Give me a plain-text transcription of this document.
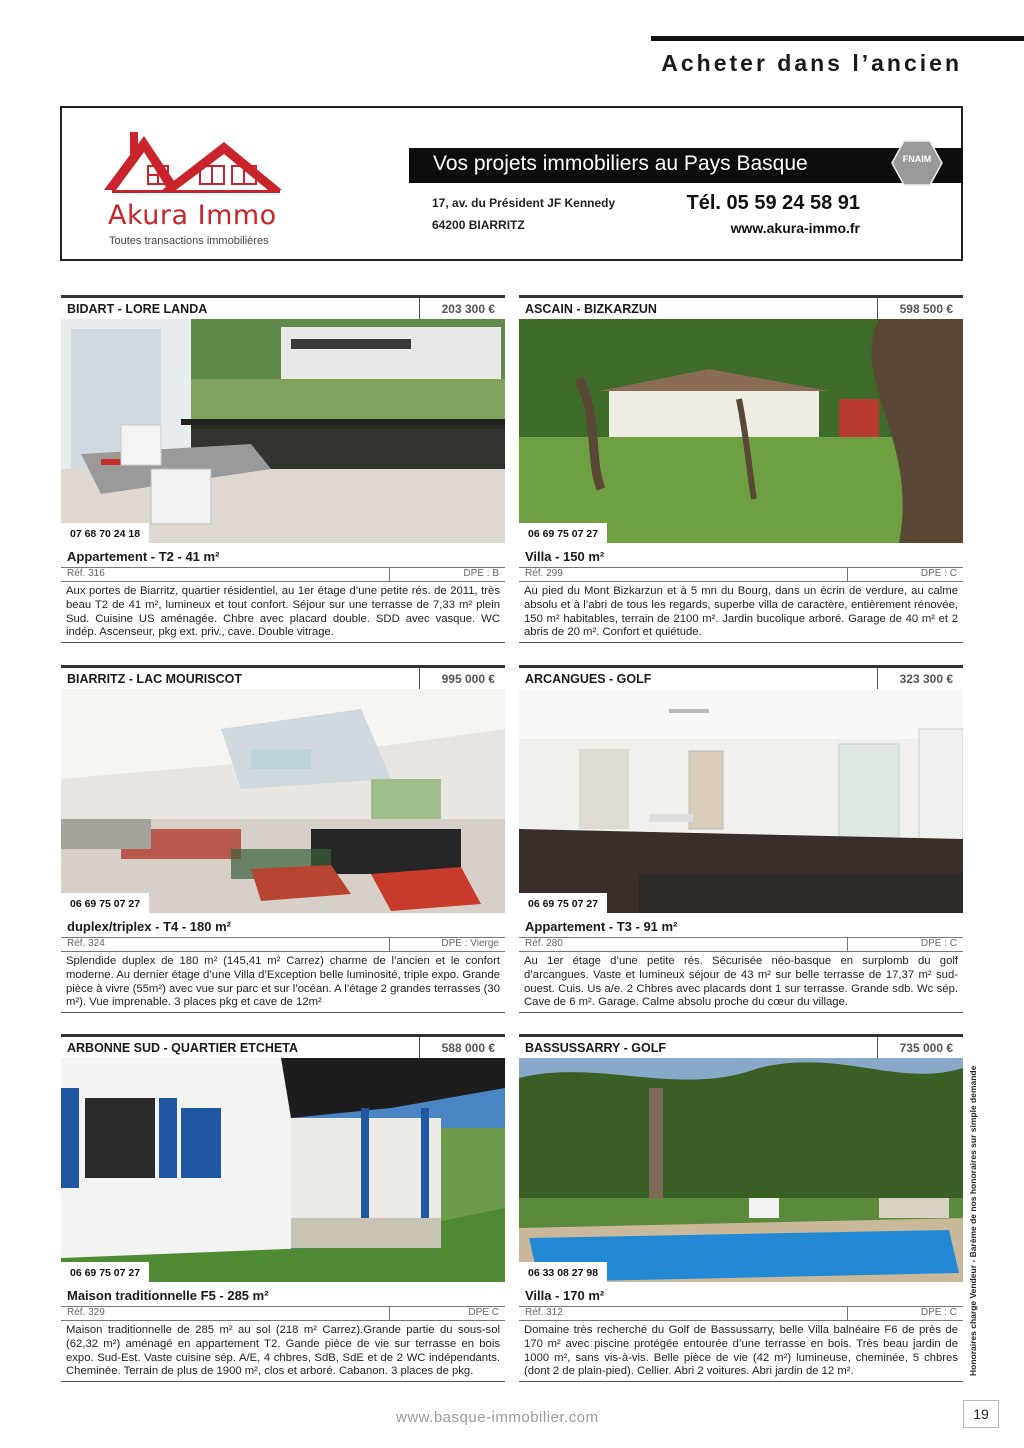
Acheter dans l’ancien
Akura Immo
Toutes transactions immobilières
Vos projets immobiliers au Pays Basque	FNAIM
17, av. du Président JF Kennedy
64200 BIARRITZ
Tél. 05 59 24 58 91
www.akura-immo.fr
BIDART - LORE LANDA	203 300 €
07 68 70 24 18
Appartement - T2 - 41 m²
Réf. 316	DPE : B
Aux portes de Biarritz, quartier résidentiel, au 1er étage d’une petite rés. de 2011, très beau T2 de 41 m², lumineux et tout confort. Séjour sur une terrasse de 7,33 m² plein Sud. Cuisine US aménagée. Chbre avec placard double. SDD avec vasque. WC indép. Ascenseur, pkg ext. priv., cave. Double vitrage.
ASCAIN - BIZKARZUN	598 500 €
06 69 75 07 27
Villa - 150 m²
Réf. 299	DPE : C
Au pied du Mont Bizkarzun et à 5 mn du Bourg, dans un écrin de verdure, au calme absolu et à l’abri de tous les regards, superbe villa de caractère, entièrement rénovée, 150 m² habitables, terrain de 2100 m². Jardin bucolique arboré. Garage de 40 m² et 2 abris de 20 m². Confort et quiétude.
BIARRITZ - LAC MOURISCOT	995 000 €
06 69 75 07 27
duplex/triplex - T4 - 180 m²
Réf. 324	DPE : Vierge
Splendide duplex de 180 m² (145,41 m² Carrez) charme de l’ancien et le confort moderne. Au dernier étage d’une Villa d’Exception belle luminosité, triple expo. Grande pièce à vivre (55m²) avec vue sur parc et sur l’océan. A l’étage 2 grandes terrasses (30 m²). Vue imprenable. 3 places pkg et cave de 12m²
ARCANGUES - GOLF	323 300 €
06 69 75 07 27
Appartement - T3 - 91 m²
Réf. 280	DPE : C
Au 1er étage d’une petite rés. Sécurisée néo-basque en surplomb du golf d’arcangues. Vaste et lumineux séjour de 43 m² sur belle terrasse de 17,37 m² sud-ouest. Cuis. Us a/e. 2 Chbres avec placards dont 1 sur terrasse. Grande sdb. Wc sép. Cave de 6 m². Garage. Calme absolu proche du cœur du village.
ARBONNE SUD - QUARTIER ETCHETA	588 000 €
06 69 75 07 27
Maison traditionnelle F5 - 285 m²
Réf. 329	DPE C
Maison traditionnelle de 285 m² au sol (218 m² Carrez).Grande partie du sous-sol (62,32 m²) aménagé en appartement T2. Gande pièce de vie sur terrasse en bois expo. Sud-Est. Vaste cuisine sép. A/E, 4 chbres, SdB, SdE et de 2 WC indépendants. Cheminée. Terrain de plus de 1900 m², clos et arboré. Cabanon. 3 places de pkg.
BASSUSSARRY - GOLF	735 000 €
06 33 08 27 98
Villa - 170 m²
Réf. 312	DPE : C
Domaine très recherché du Golf de Bassussarry, belle Villa balnéaire F6 de près de 170 m² avec piscine protégée entourée d’une terrasse en bois. Très beau jardin de 1000 m², sans vis-à-vis. Belle pièce de vie (42 m²) lumineuse, cheminée, 5 chbres (dont 2 de plain-pied). Cellier. Abri 2 voitures. Abri jardin de 12 m².	Honoraires charge Vendeur - Barème de nos honoraires sur simple demande
www.basque-immobilier.com	19
